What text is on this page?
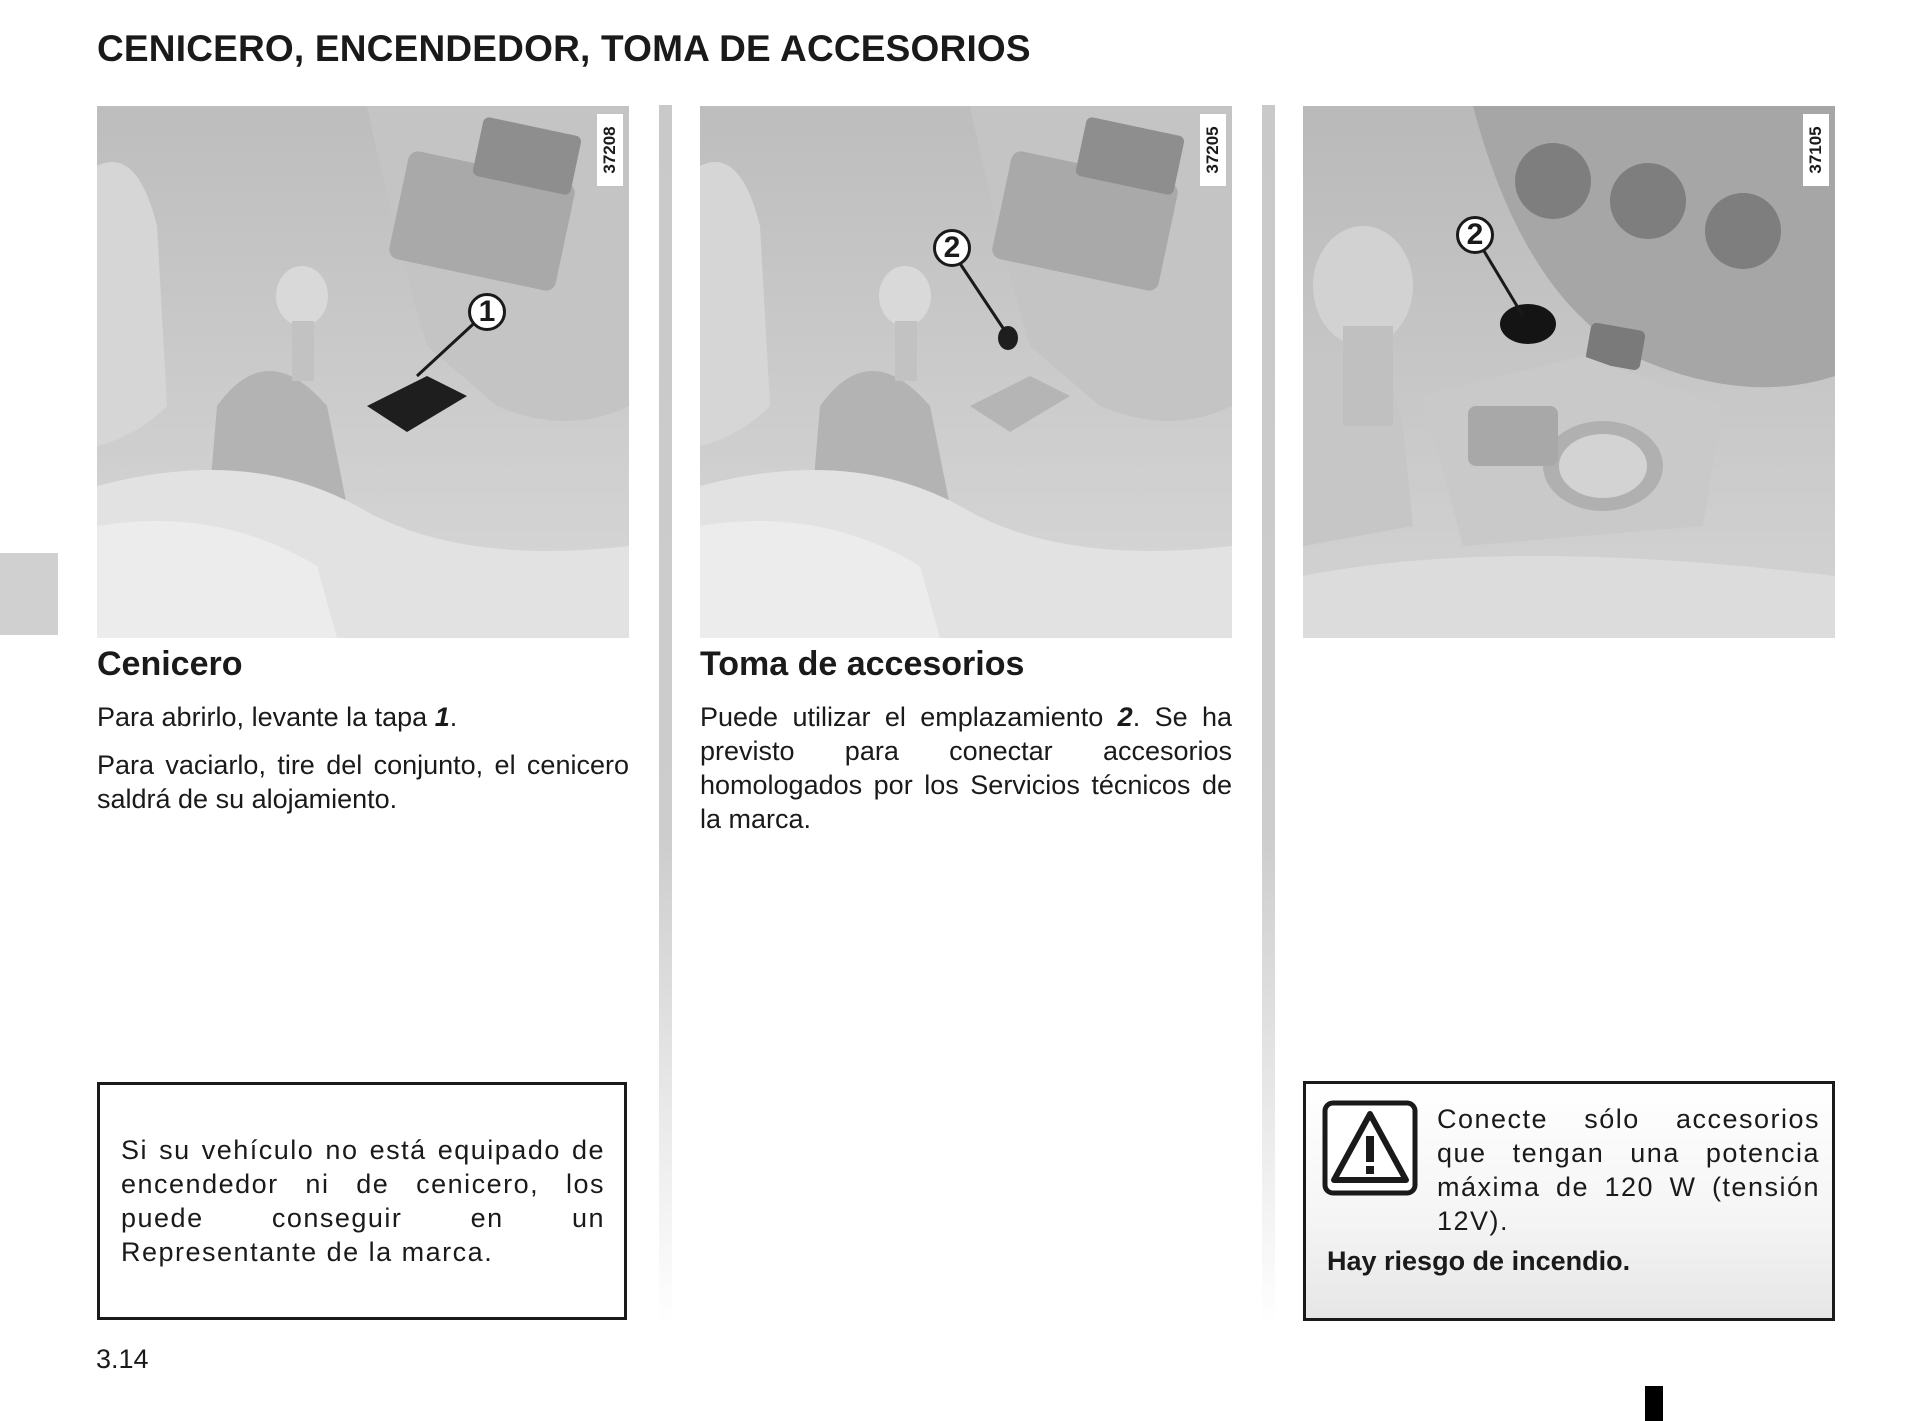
CENICERO, ENCENDEDOR, TOMA DE ACCESORIOS
37208
1
37205
2
37105
2
Cenicero

Para abrirlo, levante la tapa 1.

Para vaciarlo, tire del conjunto, el cenicero saldrá de su alojamiento.

Toma de accesorios

Puede utilizar el emplazamiento 2. Se ha previsto para conectar accesorios homologados por los Servicios técnicos de la marca.

Si su vehículo no está equipado de encendedor ni de cenicero, los puede conseguir en un Representante de la marca.
Conecte sólo accesorios que tengan una potencia máxima de 120 W (tensión 12V).
Hay riesgo de incendio.
3.14
